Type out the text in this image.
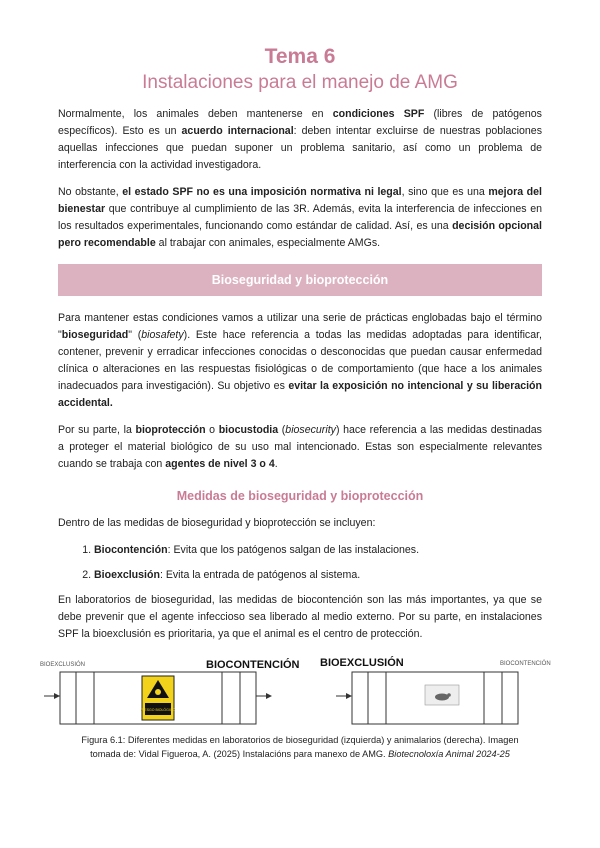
Tema 6
Instalaciones para el manejo de AMG

Normalmente, los animales deben mantenerse en condiciones SPF (libres de patógenos específicos). Esto es un acuerdo internacional: deben intentar excluirse de nuestras poblaciones aquellas infecciones que puedan suponer un problema sanitario, así como un problema de interferencia con la actividad investigadora.

No obstante, el estado SPF no es una imposición normativa ni legal, sino que es una mejora del bienestar que contribuye al cumplimiento de las 3R. Además, evita la interferencia de infecciones en los resultados experimentales, funcionando como estándar de calidad. Así, es una decisión opcional pero recomendable al trabajar con animales, especialmente AMGs.

Bioseguridad y bioprotección

Para mantener estas condiciones vamos a utilizar una serie de prácticas englobadas bajo el término "bioseguridad" (biosafety). Este hace referencia a todas las medidas adoptadas para identificar, contener, prevenir y erradicar infecciones conocidas o desconocidas que puedan causar enfermedad clínica o alteraciones en las respuestas fisiológicas o de comportamiento (que hace a los animales inadecuados para investigación). Su objetivo es evitar la exposición no intencional y su liberación accidental.

Por su parte, la bioprotección o biocustodia (biosecurity) hace referencia a las medidas destinadas a proteger el material biológico de su uso mal intencionado. Estas son especialmente relevantes cuando se trabaja con agentes de nivel 3 o 4.

Medidas de bioseguridad y bioprotección

Dentro de las medidas de bioseguridad y bioprotección se incluyen:

1. Biocontención: Evita que los patógenos salgan de las instalaciones.
2. Bioexclusión: Evita la entrada de patógenos al sistema.

En laboratorios de bioseguridad, las medidas de biocontención son las más importantes, ya que se debe prevenir que el agente infeccioso sea liberado al medio externo. Por su parte, en instalaciones SPF la bioexclusión es prioritaria, ya que el animal es el centro de protección.

BIOEXCLUSIÓN	BIOCONTENCIÓN
RIESGO BIOLÓGICO
BIOEXCLUSIÓN	BIOCONTENCIÓN
Figura 6.1: Diferentes medidas en laboratorios de bioseguridad (izquierda) y animalarios (derecha). Imagen
tomada de: Vidal Figueroa, A. (2025) Instalacións para manexo de AMG. Biotecnoloxía Animal 2024-25
